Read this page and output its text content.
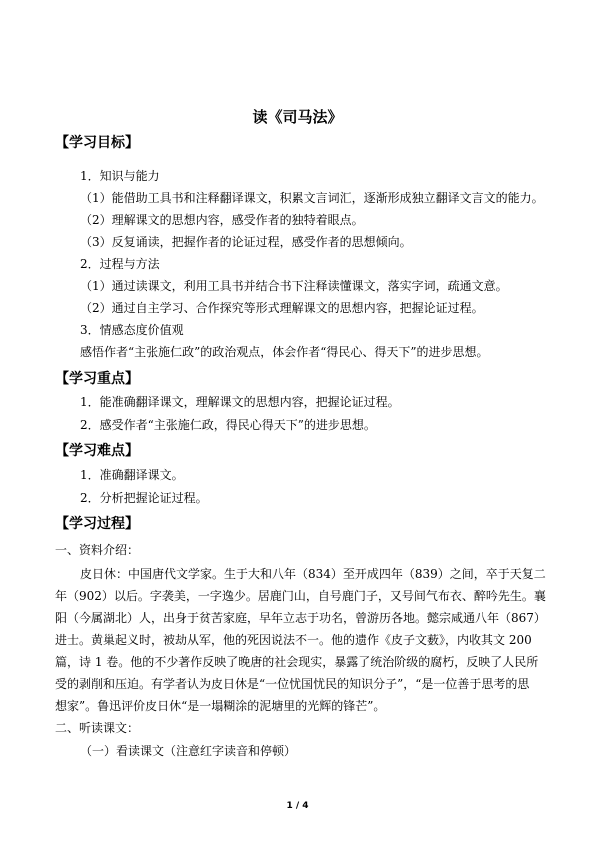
读《司马法》
【学习目标】
1．知识与能力
（1）能借助工具书和注释翻译课文，积累文言词汇，逐渐形成独立翻译文言文的能力。
（2）理解课文的思想内容，感受作者的独特着眼点。
（3）反复诵读，把握作者的论证过程，感受作者的思想倾向。
2．过程与方法
（1）通过读课文，利用工具书并结合书下注释读懂课文，落实字词，疏通文意。
（2）通过自主学习、合作探究等形式理解课文的思想内容，把握论证过程。
3．情感态度价值观
感悟作者“主张施仁政”的政治观点，体会作者“得民心、得天下”的进步思想。
【学习重点】
1．能准确翻译课文，理解课文的思想内容，把握论证过程。
2．感受作者“主张施仁政，得民心得天下”的进步思想。
【学习难点】
1．准确翻译课文。
2．分析把握论证过程。
【学习过程】
一、资料介绍：
皮日休：中国唐代文学家。生于大和八年（834）至开成四年（839）之间，卒于天复二
年（902）以后。字袭美，一字逸少。居鹿门山，自号鹿门子，又号间气布衣、醉吟先生。襄
阳（今属湖北）人，出身于贫苦家庭，早年立志于功名，曾游历各地。懿宗咸通八年（867）
进士。黄巢起义时，被劫从军，他的死因说法不一。他的遗作《皮子文薮》，内收其文 200
篇，诗 1 卷。他的不少著作反映了晚唐的社会现实，暴露了统治阶级的腐朽，反映了人民所
受的剥削和压迫。有学者认为皮日休是“一位忧国忧民的知识分子”，“是一位善于思考的思
想家”。鲁迅评价皮日休“是一塌糊涂的泥塘里的光辉的锋芒”。
二、听读课文：
（一）看读课文（注意红字读音和停顿）
1 / 4
